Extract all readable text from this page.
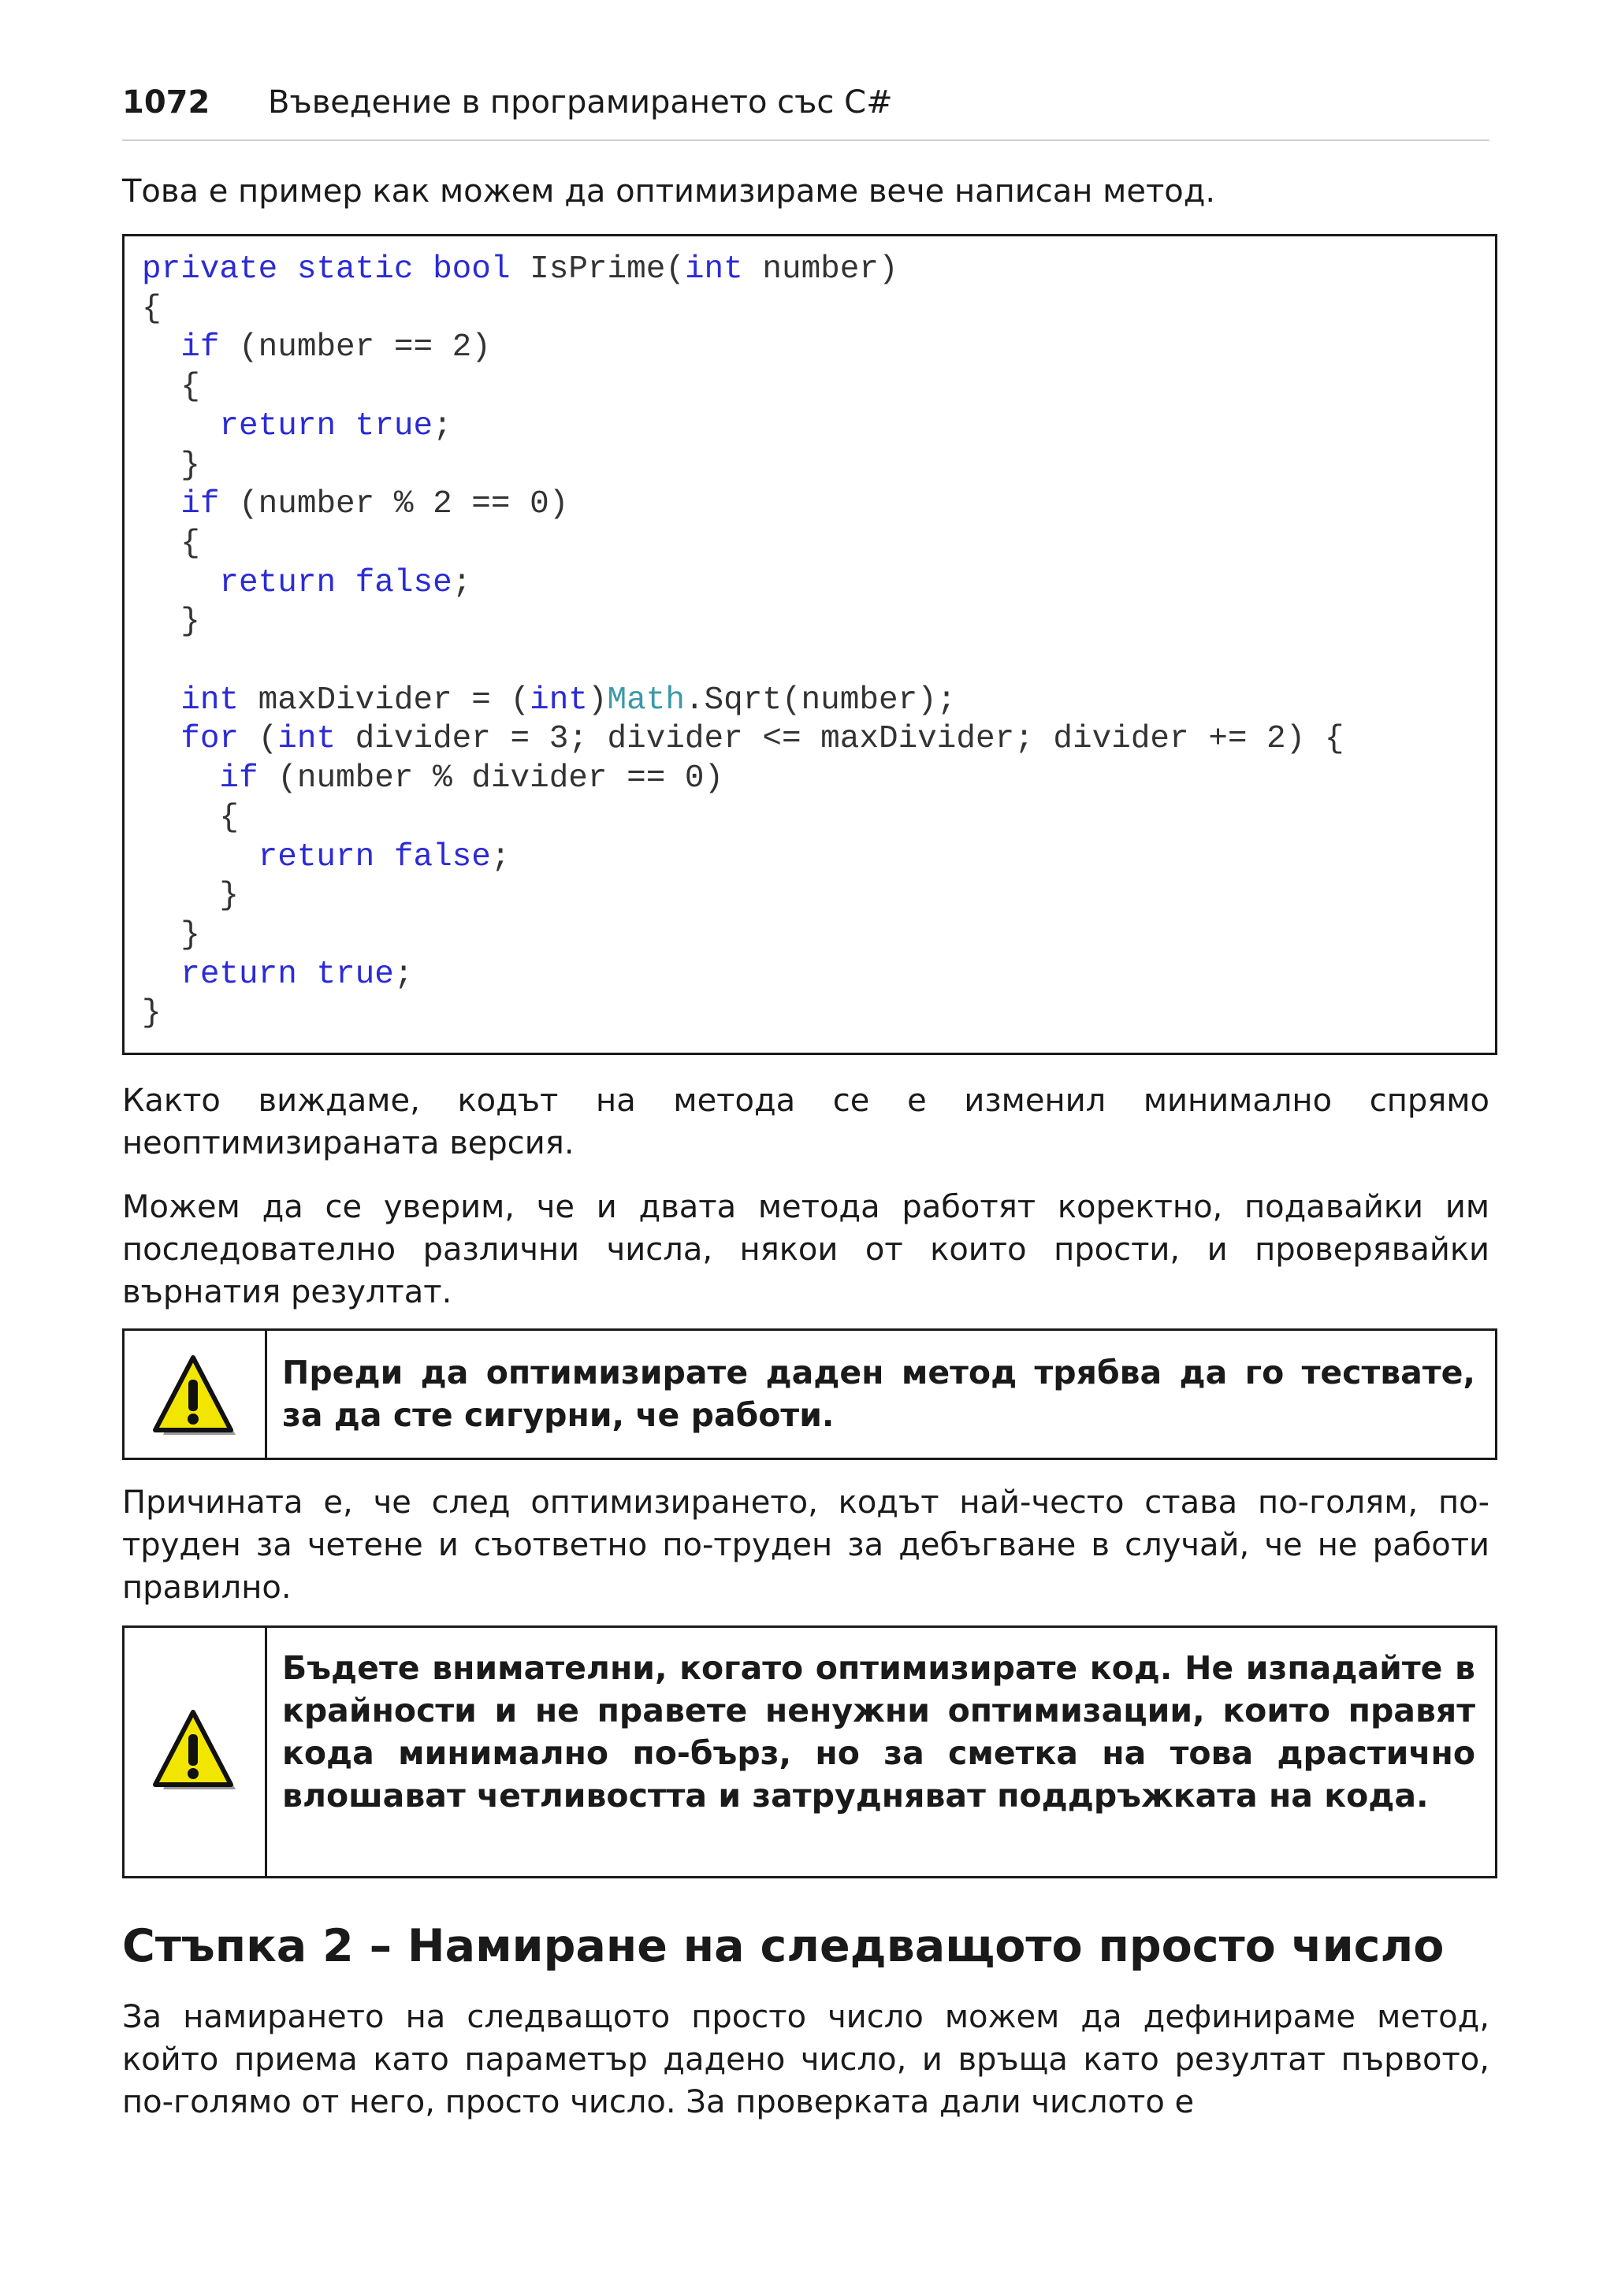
1072 Въведение в програмирането със C#

Това е пример как можем да оптимизираме вече написан метод.

private static bool IsPrime(int number)
{
if (number == 2)
{
return true;
}
if (number % 2 == 0)
{
return false;
}

int maxDivider = (int)Math.Sqrt(number);
for (int divider = 3; divider <= maxDivider; divider += 2) {
if (number % divider == 0)
{
return false;
}
}
return true;
}

Както виждаме, кодът на метода се е изменил минимално спрямо неоптимизираната версия.

Можем да се уверим, че и двата метода работят коректно, подавайки им последователно различни числа, някои от които прости, и проверявайки върнатия резултат.

Преди да оптимизирате даден метод трябва да го тествате, за да сте сигурни, че работи.

Причината е, че след оптимизирането, кодът най-често става по-голям, по-труден за четене и съответно по-труден за дебъгване в случай, че не работи правилно.

Бъдете внимателни, когато оптимизирате код. Не изпадайте в крайности и не правете ненужни оптимизации, които правят кода минимално по-бърз, но за сметка на това драстично влошават четливостта и затрудняват поддръжката на кода.

Стъпка 2 – Намиране на следващото просто число

За намирането на следващото просто число можем да дефинираме метод, който приема като параметър дадено число, и връща като резултат първото, по-голямо от него, просто число. За проверката дали числото е
